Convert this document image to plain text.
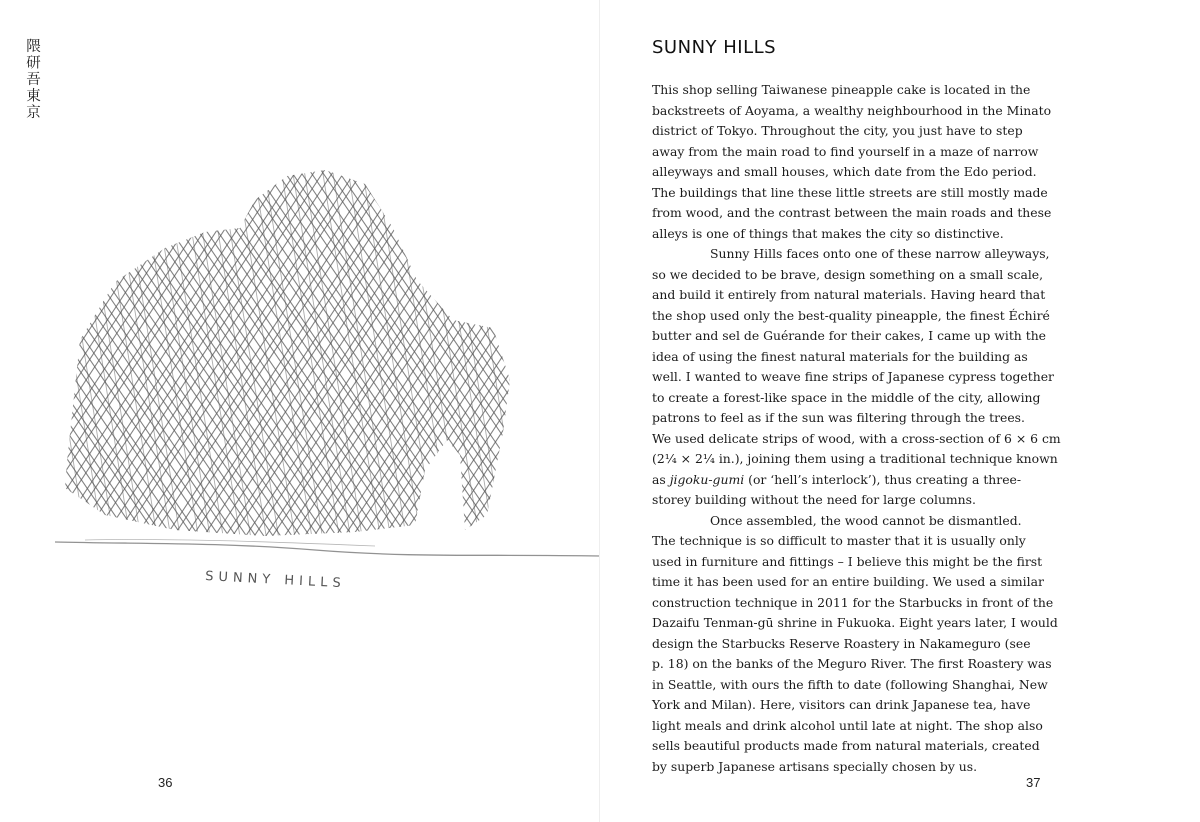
隈研吾東京
SUNNY HILLS
36
SUNNY HILLS
This shop selling Taiwanese pineapple cake is located in the
backstreets of Aoyama, a wealthy neighbourhood in the Minato
district of Tokyo. Throughout the city, you just have to step
away from the main road to find yourself in a maze of narrow
alleyways and small houses, which date from the Edo period.
The buildings that line these little streets are still mostly made
from wood, and the contrast between the main roads and these
alleys is one of things that makes the city so distinctive.
Sunny Hills faces onto one of these narrow alleyways,
so we decided to be brave, design something on a small scale,
and build it entirely from natural materials. Having heard that
the shop used only the best-quality pineapple, the finest Échiré
butter and sel de Guérande for their cakes, I came up with the
idea of using the finest natural materials for the building as
well. I wanted to weave fine strips of Japanese cypress together
to create a forest-like space in the middle of the city, allowing
patrons to feel as if the sun was filtering through the trees.
We used delicate strips of wood, with a cross-section of 6 × 6 cm
(2¼ × 2¼ in.), joining them using a traditional technique known
as jigoku-gumi (or ‘hell’s interlock’), thus creating a three-
storey building without the need for large columns.
Once assembled, the wood cannot be dismantled.
The technique is so difficult to master that it is usually only
used in furniture and fittings – I believe this might be the first
time it has been used for an entire building. We used a similar
construction technique in 2011 for the Starbucks in front of the
Dazaifu Tenman-gū shrine in Fukuoka. Eight years later, I would
design the Starbucks Reserve Roastery in Nakameguro (see
p. 18) on the banks of the Meguro River. The first Roastery was
in Seattle, with ours the fifth to date (following Shanghai, New
York and Milan). Here, visitors can drink Japanese tea, have
light meals and drink alcohol until late at night. The shop also
sells beautiful products made from natural materials, created
by superb Japanese artisans specially chosen by us.
37
